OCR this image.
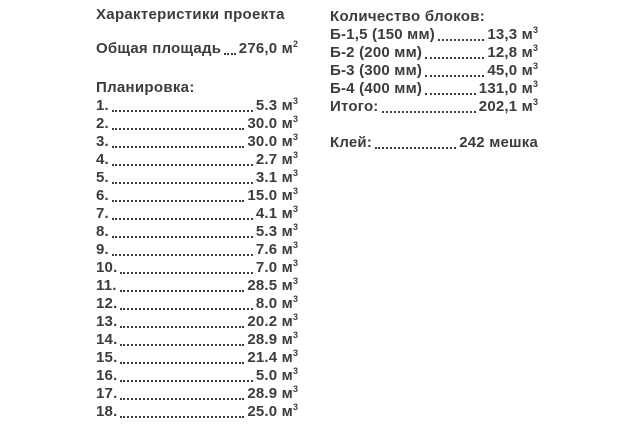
Характеристики проекта
Общая площадь 276,0 $м^2$
Планировка:
1.	5.3 $м^3$
2.	30.0 $м^3$
3.	30.0 $м^3$
4.	2.7 $м^3$
5.	3.1 $м^3$
6.	15.0 $м^3$
7.	4.1 $м^3$
8.	5.3 $м^3$
9.	7.6 $м^3$
10.	7.0 $м^3$
11.	28.5 $м^3$
12.	8.0 $м^3$
13.	20.2 $м^3$
14.	28.9 $м^3$
15.	21.4 $м^3$
16.	5.0 $м^3$
17.	28.9 $м^3$
18.	25.0 $м^3$
Количество блоков:
Б-1,5 (150 мм)	13,3 $м^3$
Б-2 (200 мм)	12,8 $м^3$
Б-3 (300 мм)	45,0 $м^3$
Б-4 (400 мм)	131,0 $м^3$
Итого:	202,1 $м^3$
Клей:	242 мешка
